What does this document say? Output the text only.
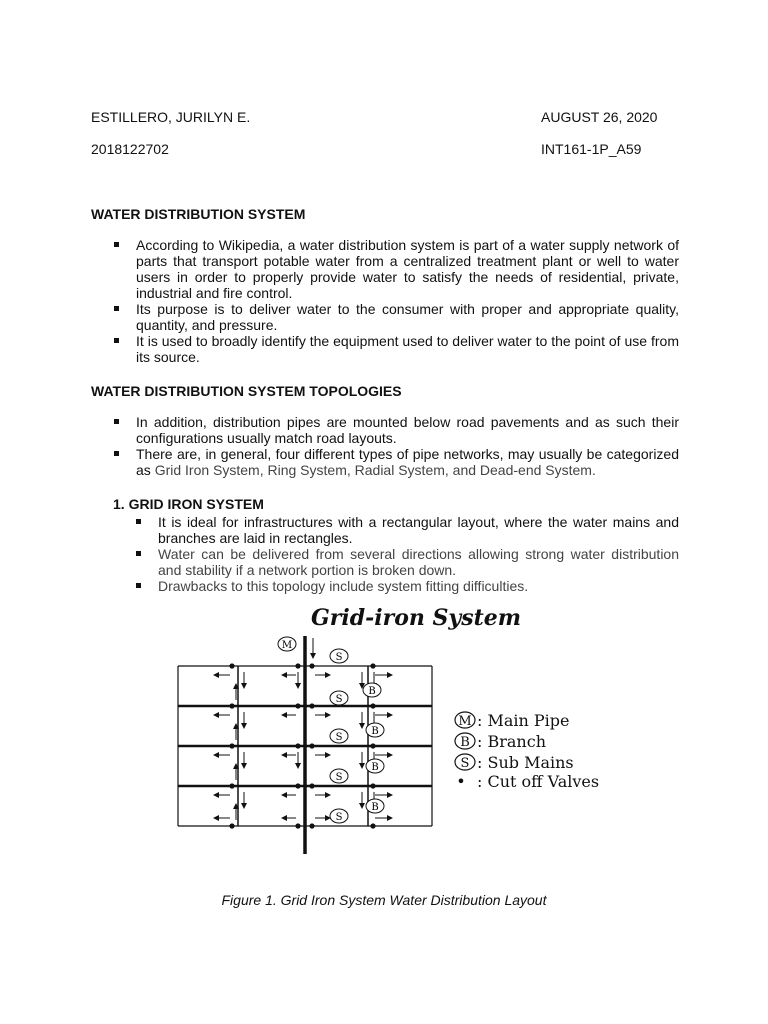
ESTILLERO, JURILYN E.	AUGUST 26, 2020
2018122702	INT161-1P_A59
WATER DISTRIBUTION SYSTEM
According to Wikipedia, a water distribution system is part of a water supply network of parts that transport potable water from a centralized treatment plant or well to water users in order to properly provide water to satisfy the needs of residential, private, industrial and fire control.
Its purpose is to deliver water to the consumer with proper and appropriate quality, quantity, and pressure.
It is used to broadly identify the equipment used to deliver water to the point of use from its source.
WATER DISTRIBUTION SYSTEM TOPOLOGIES
In addition, distribution pipes are mounted below road pavements and as such their configurations usually match road layouts.
There are, in general, four different types of pipe networks, may usually be categorized as Grid Iron System, Ring System, Radial System, and Dead-end System.
1. GRID IRON SYSTEM
It is ideal for infrastructures with a rectangular layout, where the water mains and branches are laid in rectangles.
Water can be delivered from several directions allowing strong water distribution and stability if a network portion is broken down.
Drawbacks to this topology include system fitting difficulties.
Grid-iron System
M
S
S
S
S
S
B
B
B
B
M : Main Pipe
B : Branch
S : Sub Mains
• : Cut off Valves
Figure 1. Grid Iron System Water Distribution Layout
